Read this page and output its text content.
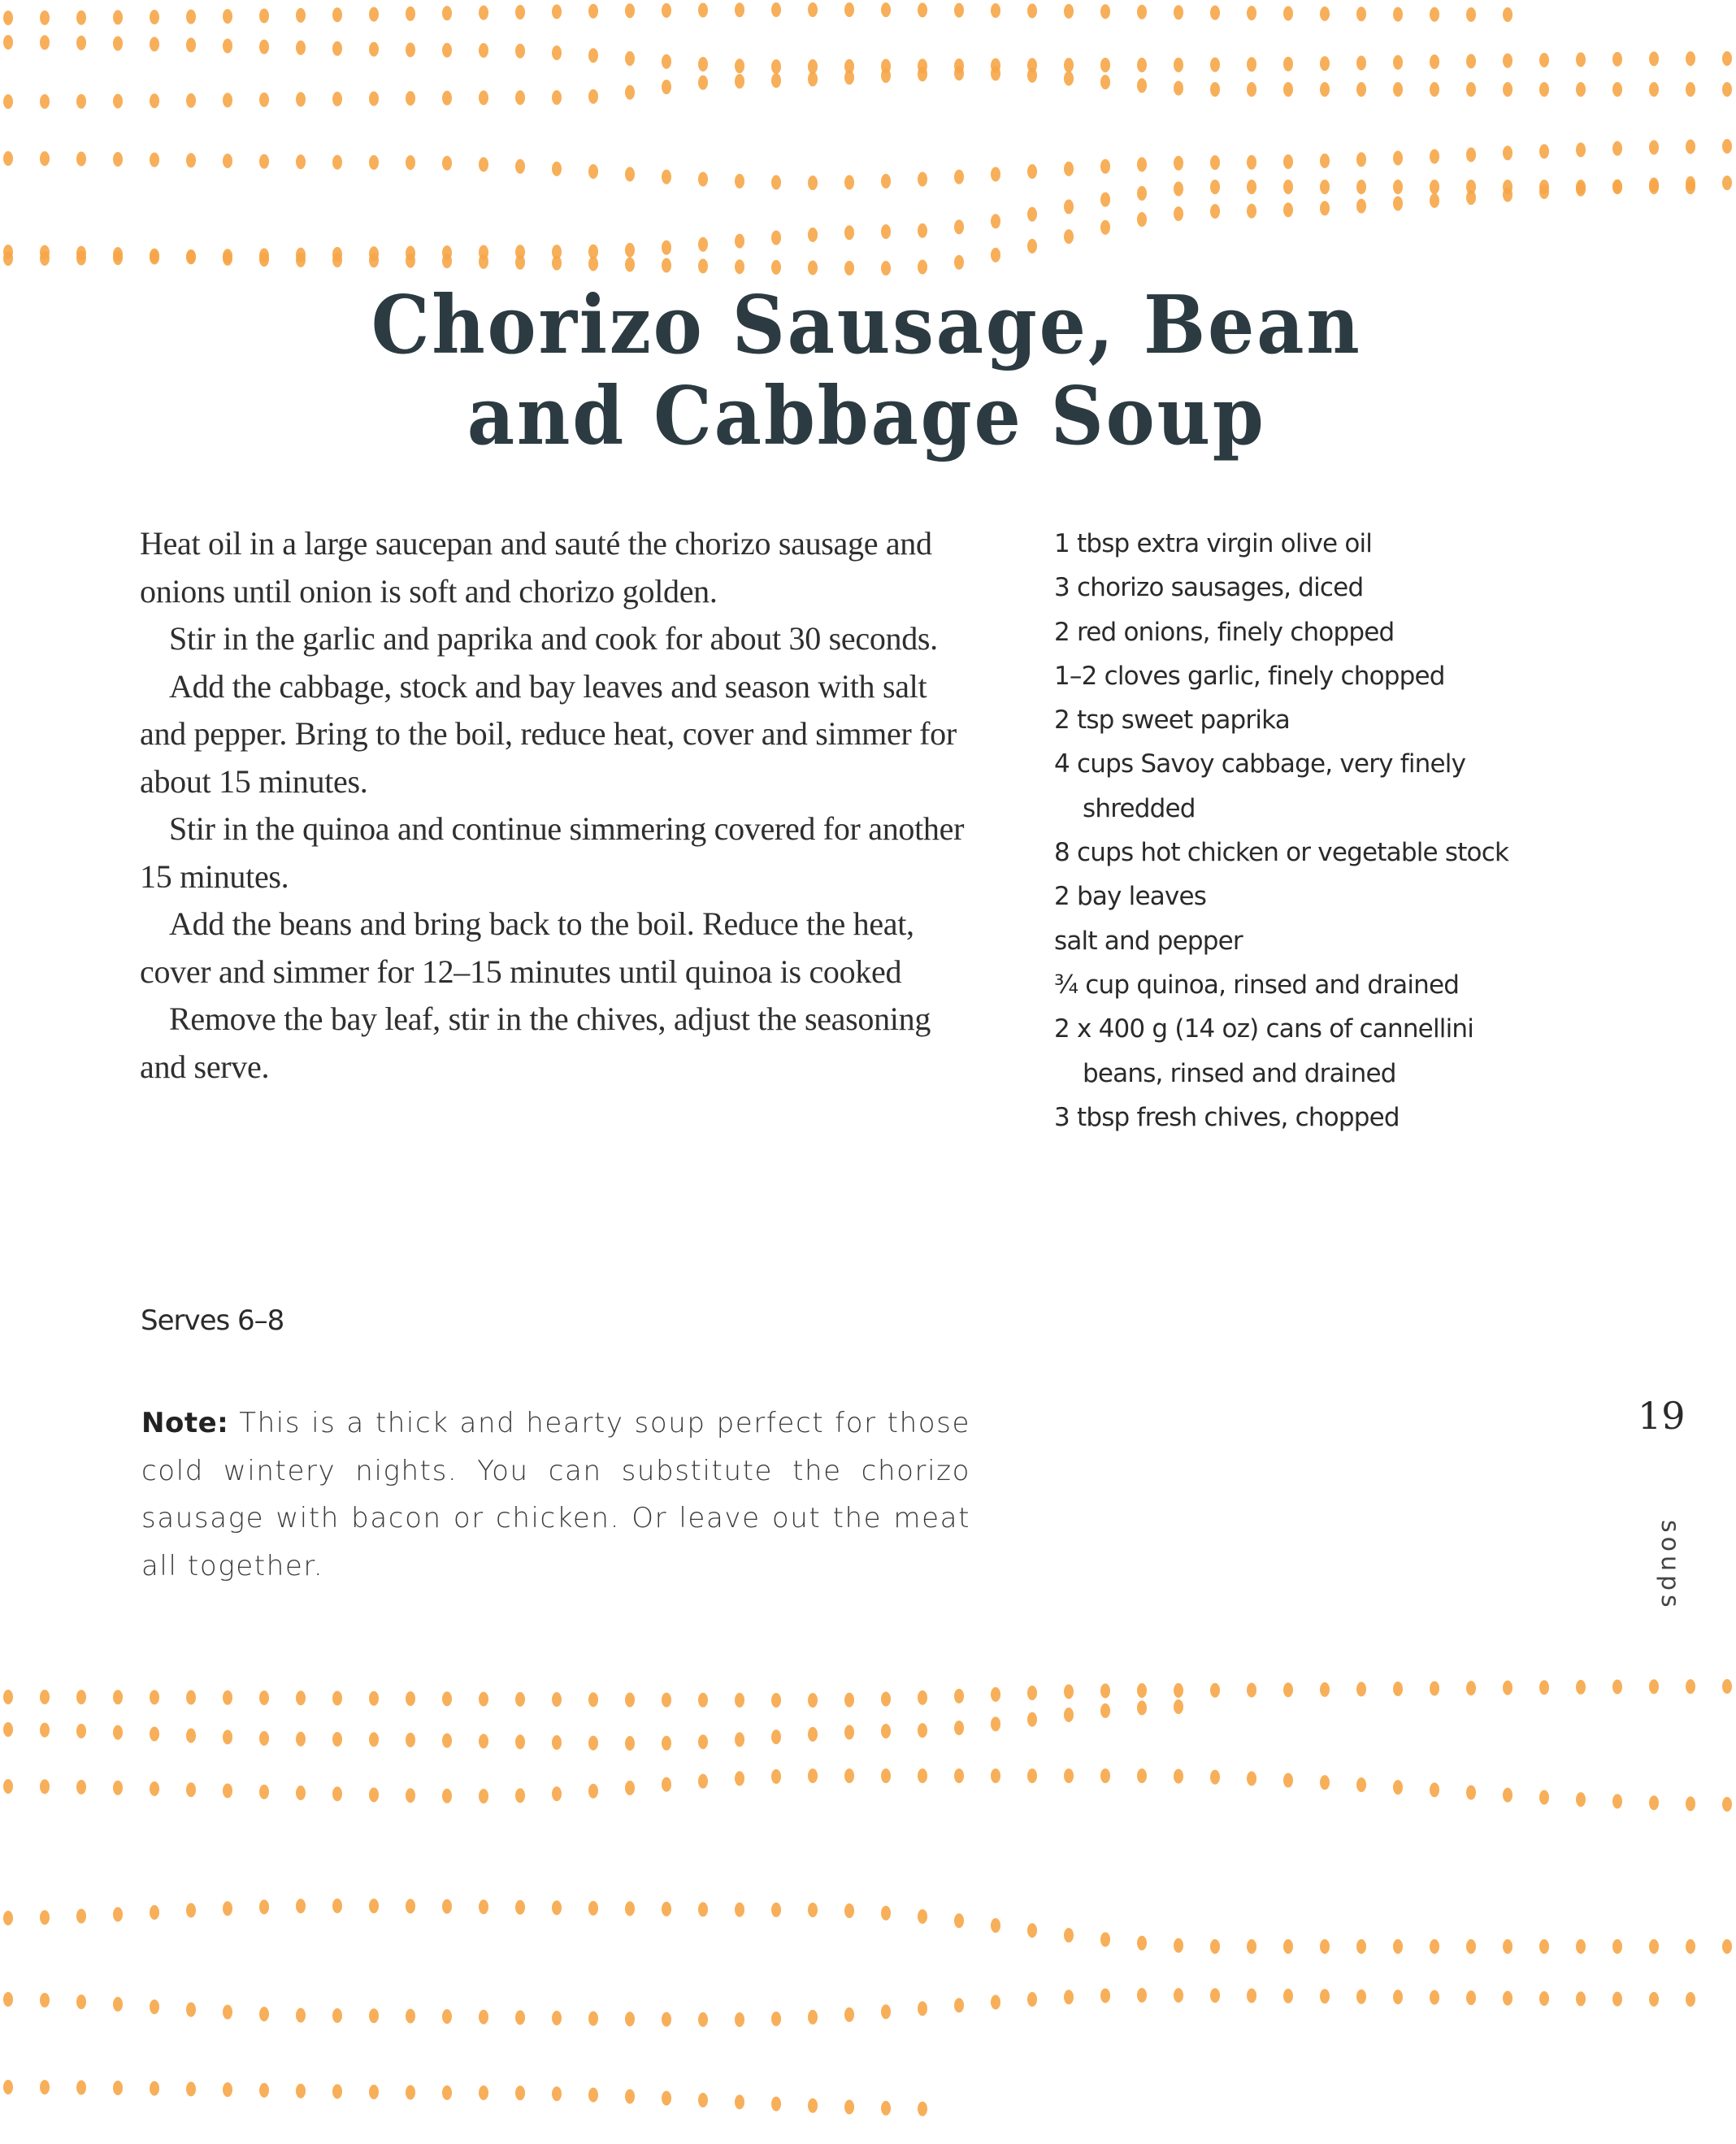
Chorizo Sausage, Bean
and Cabbage Soup

Heat oil in a large saucepan and sauté the chorizo sausage and onions until onion is soft and chorizo golden.

Stir in the garlic and paprika and cook for about 30 seconds.

Add the cabbage, stock and bay leaves and season with salt and pepper. Bring to the boil, reduce heat, cover and simmer for about 15 minutes.

Stir in the quinoa and continue simmering covered for another 15 minutes.

Add the beans and bring back to the boil. Reduce the heat, cover and simmer for 12–15 minutes until quinoa is cooked

Remove the bay leaf, stir in the chives, adjust the seasoning and serve.

1 tbsp extra virgin olive oil
3 chorizo sausages, diced
2 red onions, finely chopped
1–2 cloves garlic, finely chopped
2 tsp sweet paprika
4 cups Savoy cabbage, very finely
shredded
8 cups hot chicken or vegetable stock
2 bay leaves
salt and pepper
¾ cup quinoa, rinsed and drained
2 x 400 g (14 oz) cans of cannellini
beans, rinsed and drained
3 tbsp fresh chives, chopped
Serves 6–8
Note: This is a thick and hearty soup perfect for those cold wintery nights. You can substitute the chorizo sausage with bacon or chicken. Or leave out the meat all together.
19
soups
